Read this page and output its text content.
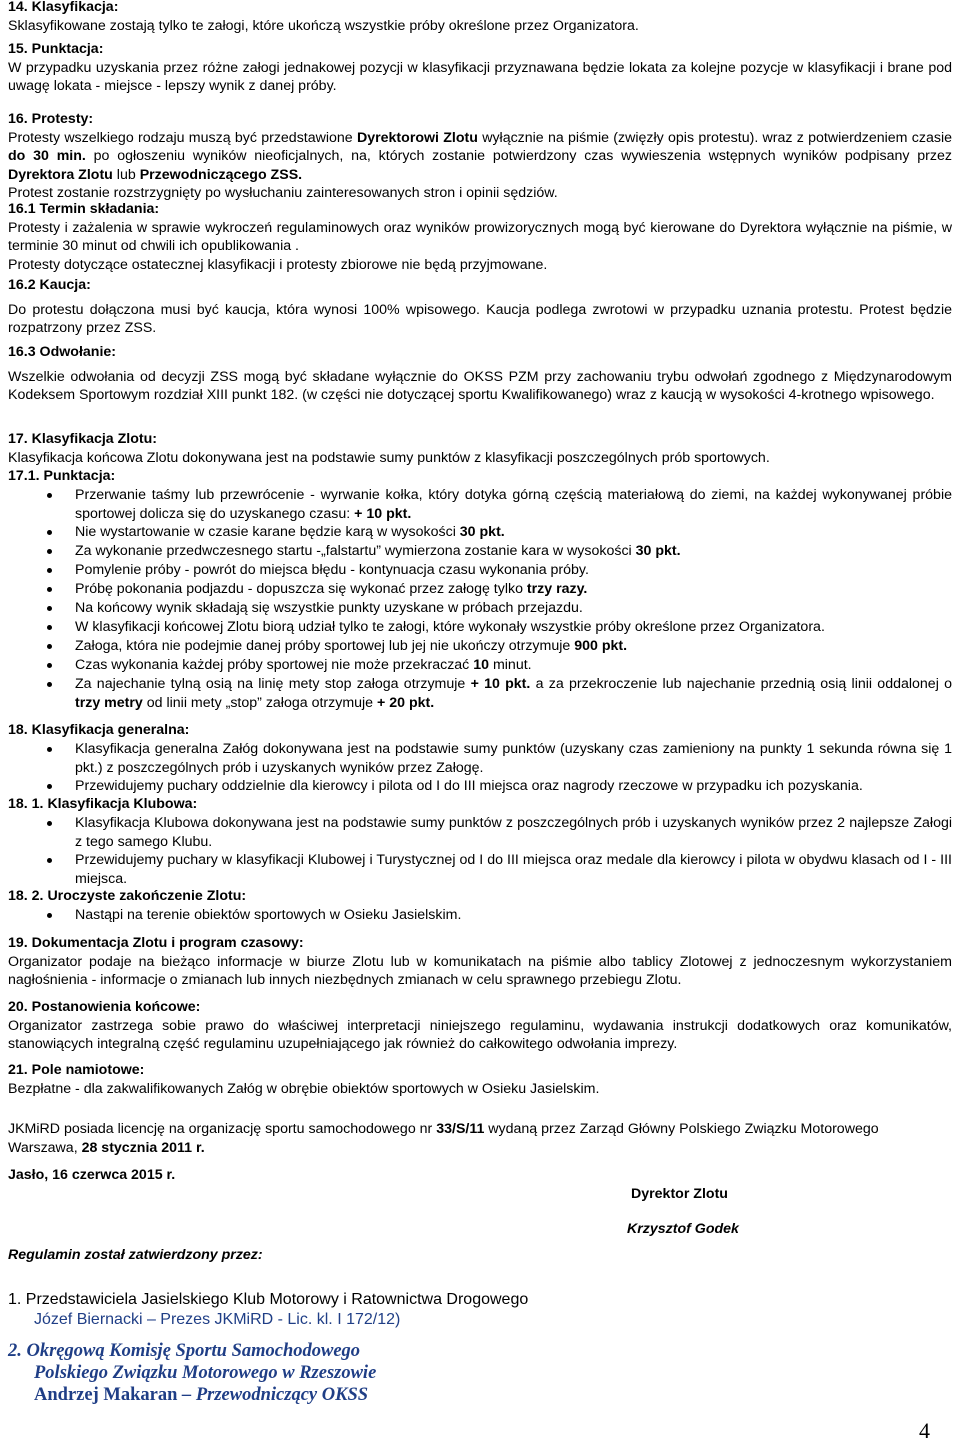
14. Klasyfikacja:
Sklasyfikowane zostają tylko te załogi, które ukończą wszystkie próby określone przez Organizatora.
15. Punktacja:
W przypadku uzyskania przez różne załogi jednakowej pozycji w klasyfikacji przyznawana będzie lokata za kolejne pozycje w klasyfikacji i brane pod uwagę lokata - miejsce - lepszy wynik z danej próby.
16. Protesty:
Protesty wszelkiego rodzaju muszą być przedstawione Dyrektorowi Zlotu wyłącznie na piśmie (zwięzły opis protestu). wraz z potwierdzeniem czasie do 30 min. po ogłoszeniu wyników nieoficjalnych, na, których zostanie potwierdzony czas wywieszenia wstępnych wyników podpisany przez Dyrektora Zlotu lub Przewodniczącego ZSS.
Protest zostanie rozstrzygnięty po wysłuchaniu zainteresowanych stron i opinii sędziów.
16.1 Termin składania:
Protesty i zażalenia w sprawie wykroczeń regulaminowych oraz wyników prowizorycznych mogą być kierowane do Dyrektora wyłącznie na piśmie, w terminie 30 minut od chwili ich opublikowania .
Protesty dotyczące ostatecznej klasyfikacji i protesty zbiorowe nie będą przyjmowane.
16.2 Kaucja:
Do protestu dołączona musi być kaucja, która wynosi 100% wpisowego. Kaucja podlega zwrotowi w przypadku uznania protestu. Protest będzie rozpatrzony przez ZSS.
16.3 Odwołanie:
Wszelkie odwołania od decyzji ZSS mogą być składane wyłącznie do OKSS PZM przy zachowaniu trybu odwołań zgodnego z Międzynarodowym Kodeksem Sportowym rozdział XIII punkt 182. (w części nie dotyczącej sportu Kwalifikowanego) wraz z kaucją w wysokości 4-krotnego wpisowego.
17. Klasyfikacja Zlotu:
Klasyfikacja końcowa Zlotu dokonywana jest na podstawie sumy punktów z klasyfikacji poszczególnych prób sportowych.
17.1. Punktacja:
Przerwanie taśmy lub przewrócenie - wyrwanie kołka, który dotyka górną częścią materiałową do ziemi, na każdej wykonywanej próbie sportowej dolicza się do uzyskanego czasu: + 10 pkt.
Nie wystartowanie w czasie karane będzie karą w wysokości 30 pkt.
Za wykonanie przedwczesnego startu -„falstartu” wymierzona zostanie kara w wysokości 30 pkt.
Pomylenie próby - powrót do miejsca błędu - kontynuacja czasu wykonania próby.
Próbę pokonania podjazdu - dopuszcza się wykonać przez załogę tylko trzy razy.
Na końcowy wynik składają się wszystkie punkty uzyskane w próbach przejazdu.
W klasyfikacji końcowej Zlotu biorą udział tylko te załogi, które wykonały wszystkie próby określone przez Organizatora.
Załoga, która nie podejmie danej próby sportowej lub jej nie ukończy otrzymuje 900 pkt.
Czas wykonania każdej próby sportowej nie może przekraczać 10 minut.
Za najechanie tylną osią na linię mety stop załoga otrzymuje + 10 pkt. a za przekroczenie lub najechanie przednią osią linii oddalonej o trzy metry od linii mety „stop” załoga otrzymuje + 20 pkt.
18. Klasyfikacja generalna:
Klasyfikacja generalna Załóg dokonywana jest na podstawie sumy punktów (uzyskany czas zamieniony na punkty 1 sekunda równa się 1 pkt.) z poszczególnych prób i uzyskanych wyników przez Załogę.
Przewidujemy puchary oddzielnie dla kierowcy i pilota od I do III miejsca oraz nagrody rzeczowe w przypadku ich pozyskania.
18. 1. Klasyfikacja Klubowa:
Klasyfikacja Klubowa dokonywana jest na podstawie sumy punktów z poszczególnych prób i uzyskanych wyników przez 2 najlepsze Załogi z tego samego Klubu.
Przewidujemy puchary w klasyfikacji Klubowej i Turystycznej od I do III miejsca oraz medale dla kierowcy i pilota w obydwu klasach od I - III miejsca.
18. 2. Uroczyste zakończenie Zlotu:
Nastąpi na terenie obiektów sportowych w Osieku Jasielskim.
19. Dokumentacja Zlotu i program czasowy:
Organizator podaje na bieżąco informacje w biurze Zlotu lub w komunikatach na piśmie albo tablicy Zlotowej z jednoczesnym wykorzystaniem nagłośnienia - informacje o zmianach lub innych niezbędnych zmianach w celu sprawnego przebiegu Zlotu.
20. Postanowienia końcowe:
Organizator zastrzega sobie prawo do właściwej interpretacji niniejszego regulaminu, wydawania instrukcji dodatkowych oraz komunikatów, stanowiących integralną część regulaminu uzupełniającego jak również do całkowitego odwołania imprezy.
21. Pole namiotowe:
Bezpłatne - dla zakwalifikowanych Załóg w obrębie obiektów sportowych w Osieku Jasielskim.
JKMiRD posiada licencję na organizację sportu samochodowego nr 33/S/11 wydaną przez Zarząd Główny Polskiego Związku Motorowego Warszawa, 28 stycznia 2011 r.
Jasło, 16 czerwca 2015 r.
Dyrektor Zlotu
Krzysztof Godek
Regulamin został zatwierdzony przez:
1. Przedstawiciela Jasielskiego Klub Motorowy i Ratownictwa Drogowego
Józef Biernacki – Prezes JKMiRD - Lic. kl. I 172/12)
2. Okręgową Komisję Sportu Samochodowego
Polskiego Związku Motorowego w Rzeszowie
Andrzej Makaran – Przewodniczący OKSS
4
